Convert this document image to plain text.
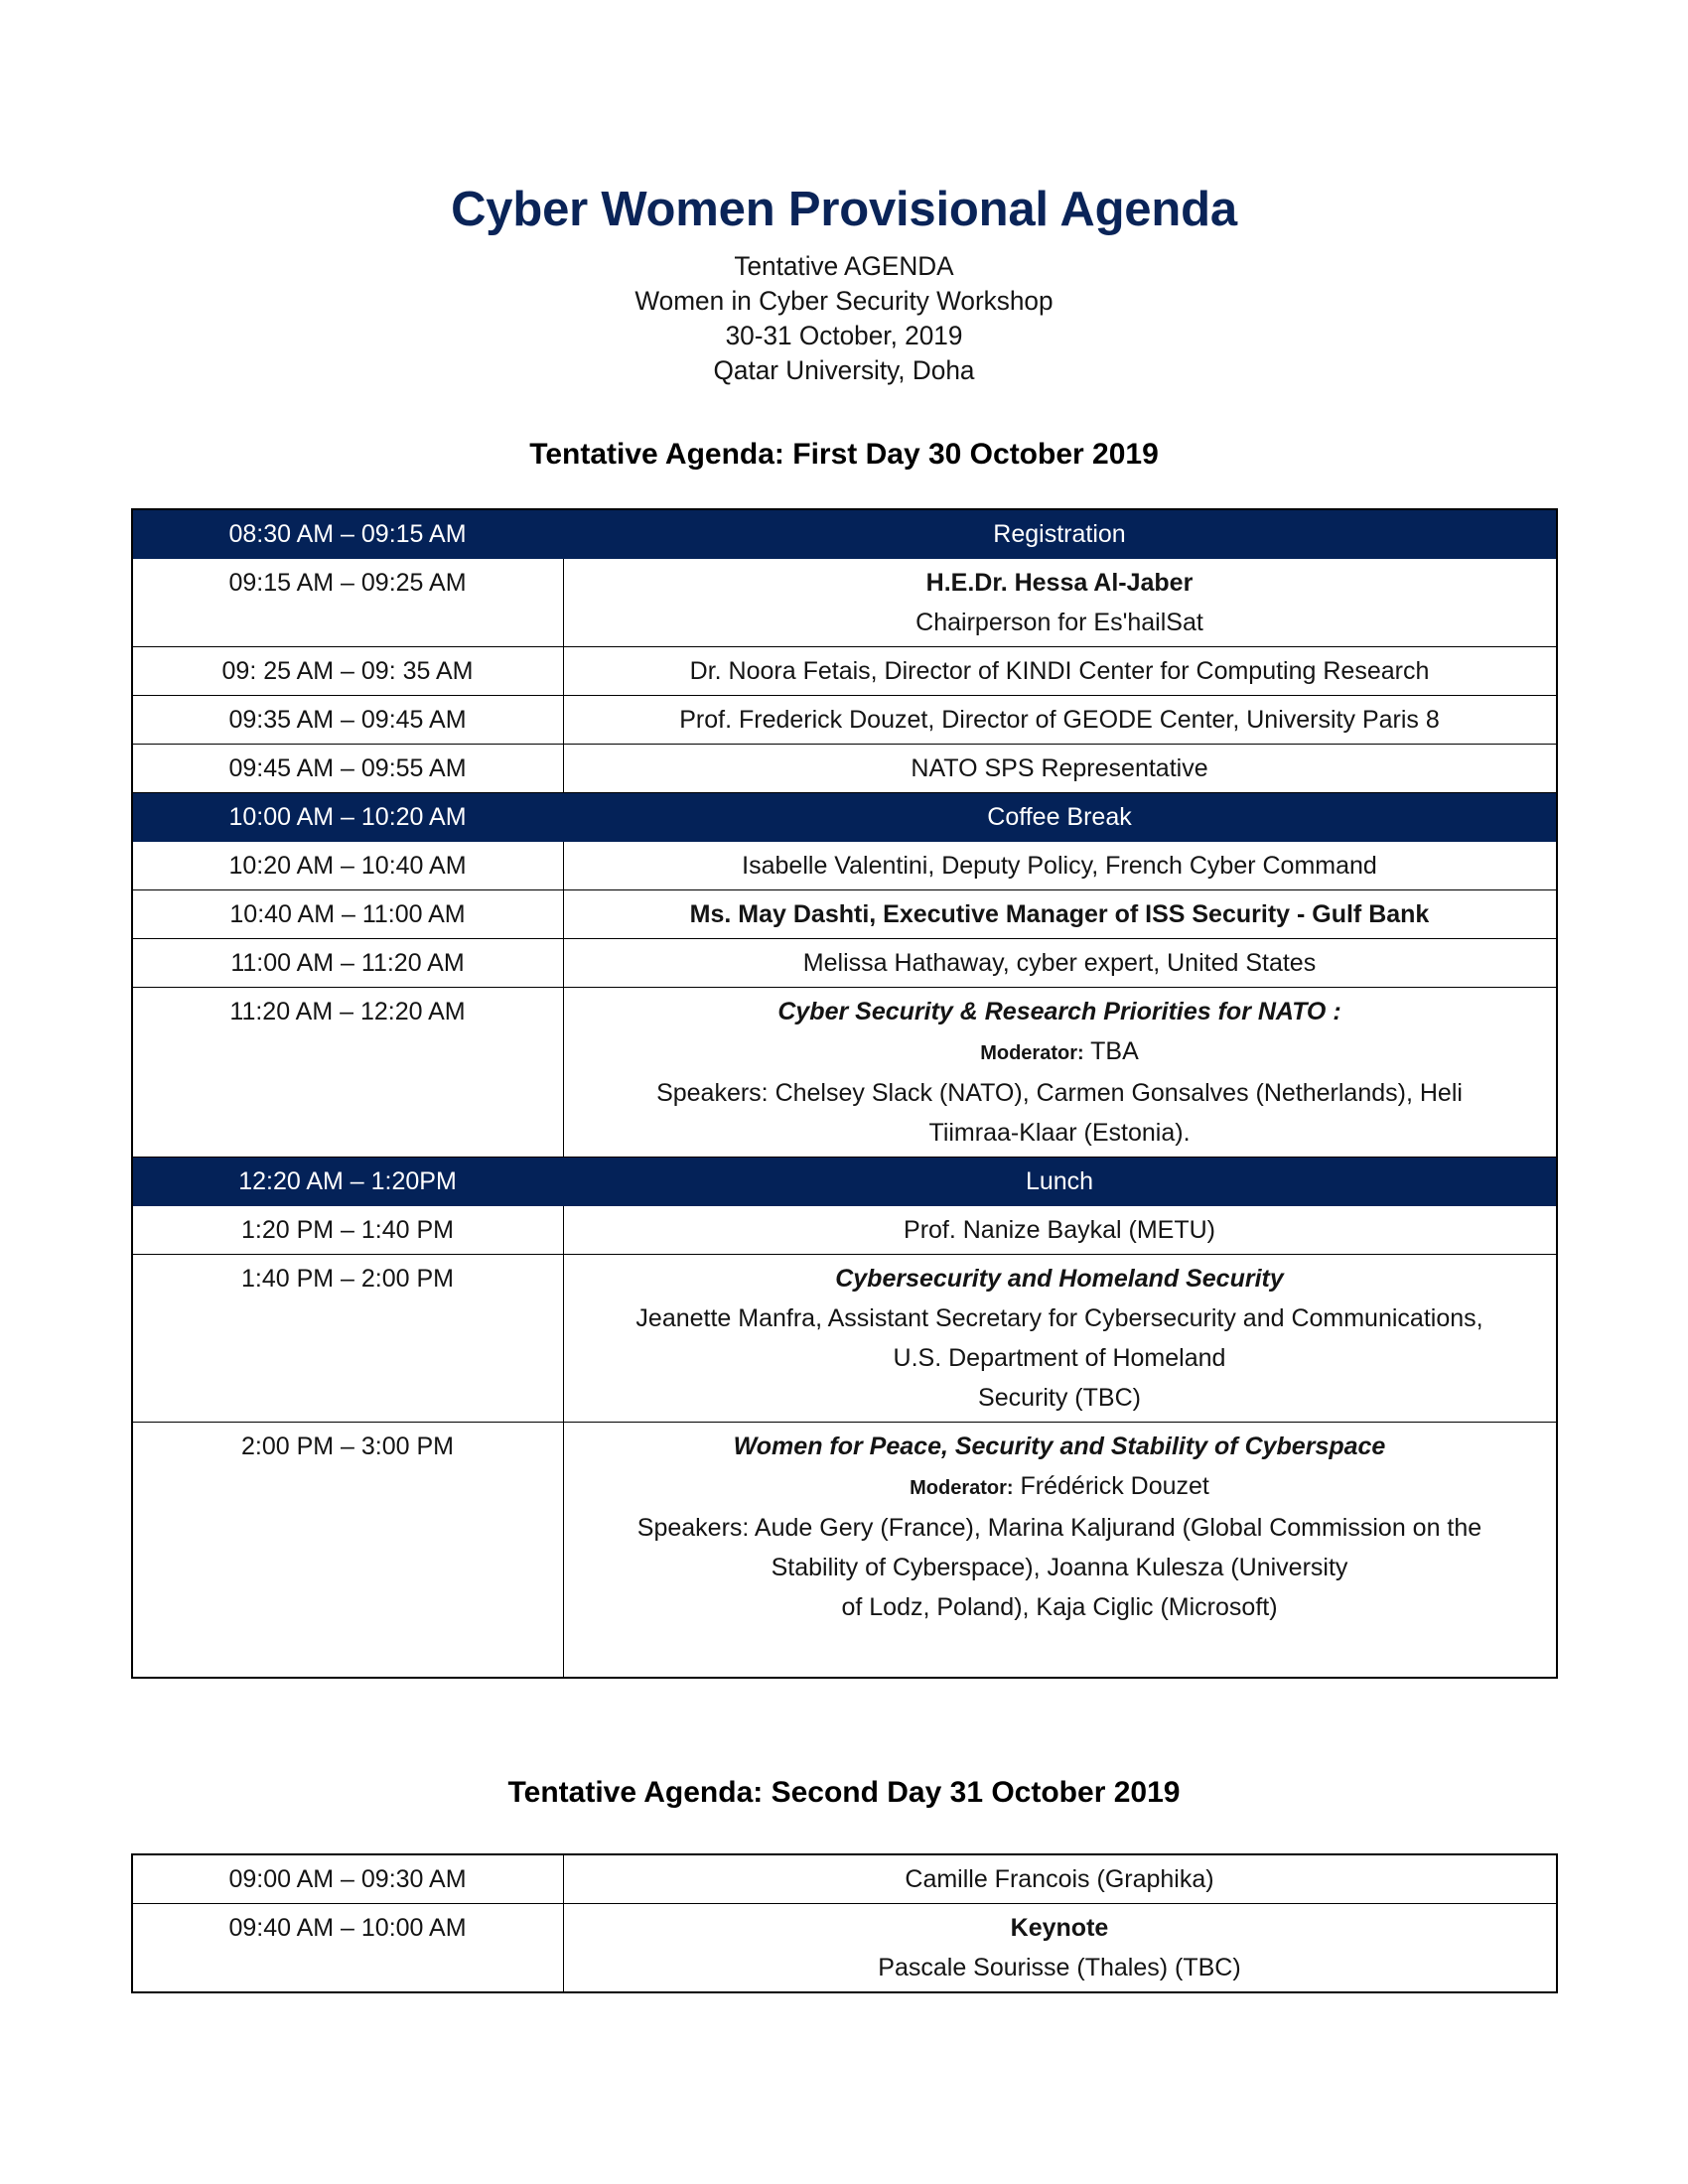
Cyber Women Provisional Agenda
Tentative AGENDA
Women in Cyber Security Workshop
30-31 October, 2019
Qatar University, Doha
Tentative Agenda: First Day 30 October 2019
08:30 AM – 09:15 AM	Registration

09:15 AM – 09:25 AM	H.E.Dr. Hessa Al-Jaber
Chairperson for Es'hailSat

09: 25 AM – 09: 35 AM	Dr. Noora Fetais, Director of KINDI Center for Computing Research

09:35 AM – 09:45 AM	Prof. Frederick Douzet, Director of GEODE Center, University Paris 8

09:45 AM – 09:55 AM	NATO SPS Representative

10:00 AM – 10:20 AM	Coffee Break

10:20 AM – 10:40 AM	Isabelle Valentini, Deputy Policy, French Cyber Command

10:40 AM – 11:00 AM	Ms. May Dashti, Executive Manager of ISS Security - Gulf Bank

11:00 AM – 11:20 AM	Melissa Hathaway, cyber expert, United States

11:20 AM – 12:20 AM	Cyber Security & Research Priorities for NATO :
Moderator: TBA
Speakers: Chelsey Slack (NATO), Carmen Gonsalves (Netherlands), Heli
Tiimraa-Klaar (Estonia).

12:20 AM – 1:20PM	Lunch

1:20 PM – 1:40 PM	Prof. Nanize Baykal (METU)

1:40 PM – 2:00 PM	Cybersecurity and Homeland Security
Jeanette Manfra, Assistant Secretary for Cybersecurity and Communications,
U.S. Department of Homeland
Security (TBC)

2:00 PM – 3:00 PM	Women for Peace, Security and Stability of Cyberspace
Moderator: Frédérick Douzet
Speakers: Aude Gery (France), Marina Kaljurand (Global Commission on the
Stability of Cyberspace), Joanna Kulesza (University
of Lodz, Poland), Kaja Ciglic (Microsoft)
Tentative Agenda: Second Day 31 October 2019
09:00 AM – 09:30 AM	Camille Francois (Graphika)

09:40 AM – 10:00 AM	Keynote
Pascale Sourisse (Thales) (TBC)
